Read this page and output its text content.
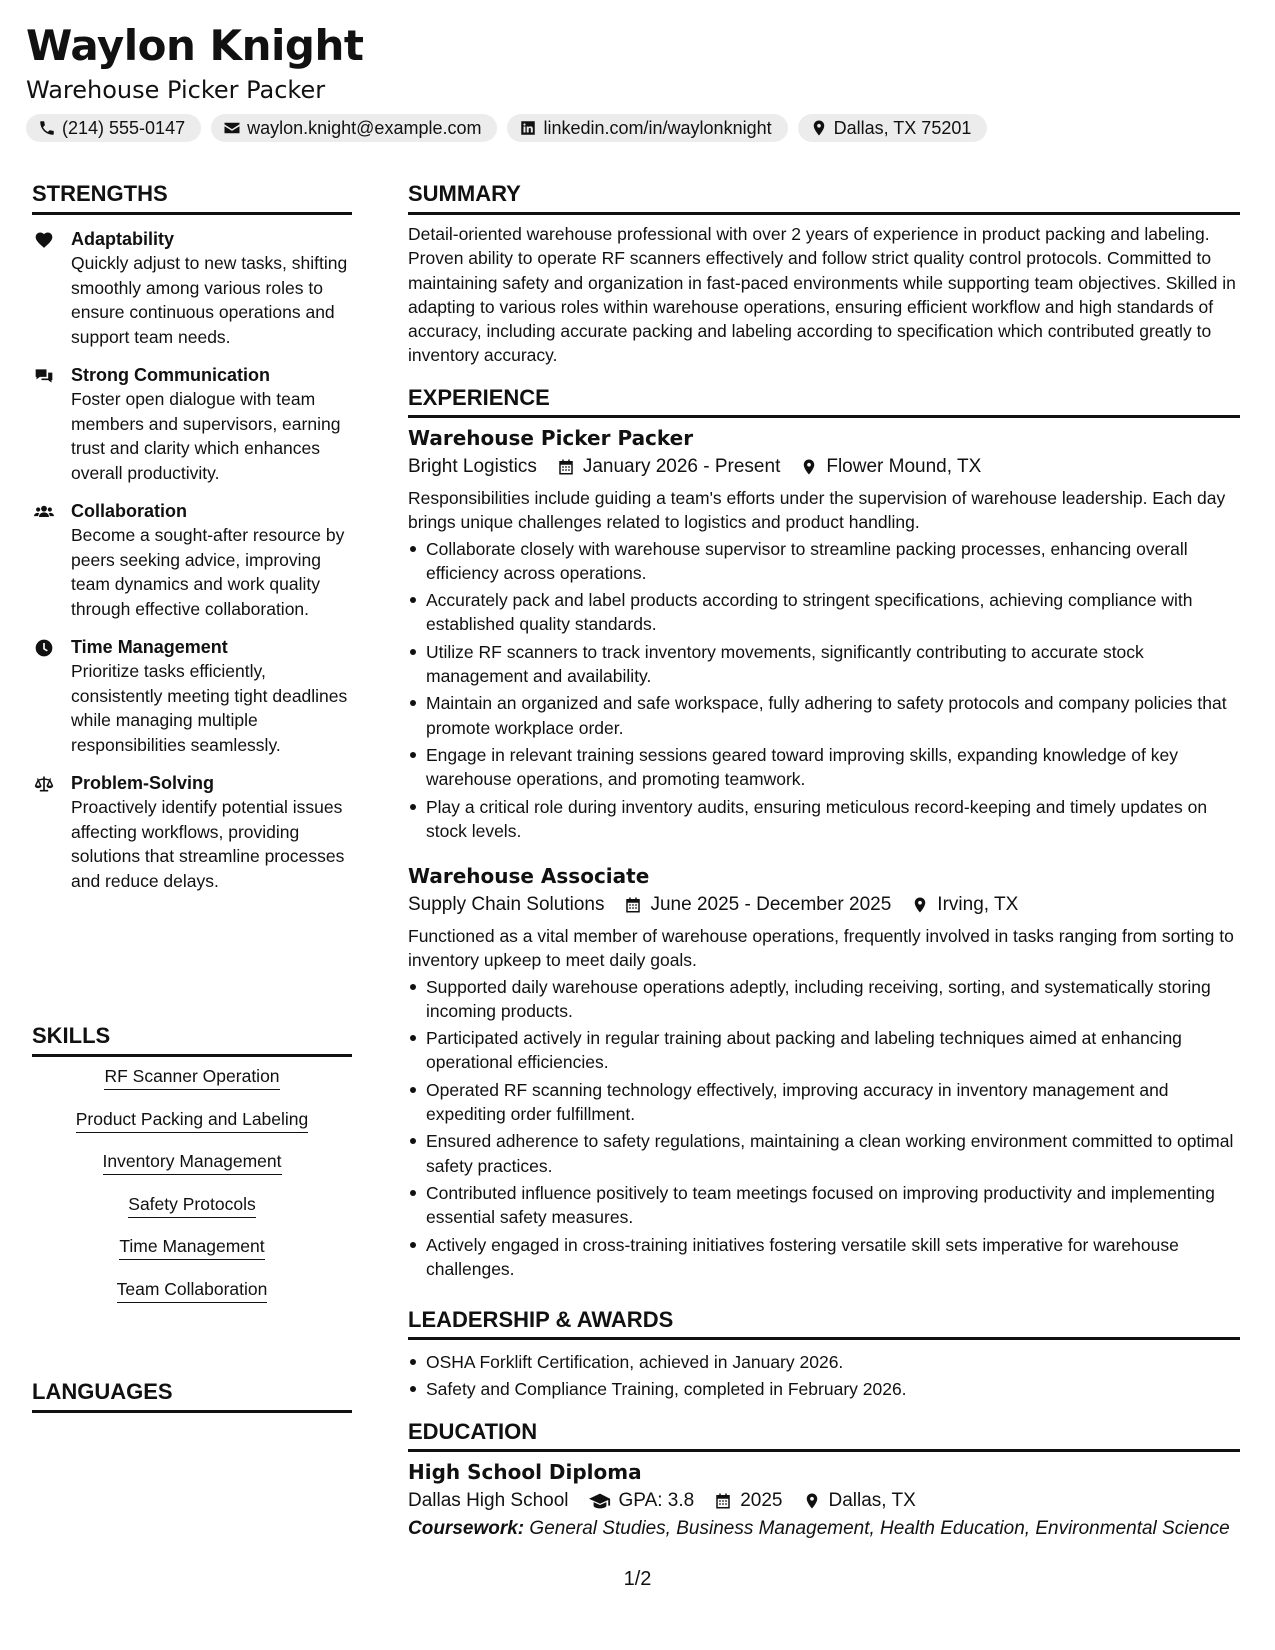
Waylon Knight
Warehouse Picker Packer
(214) 555-0147	waylon.knight@example.com	linkedin.com/in/waylonknight	Dallas, TX 75201
STRENGTHS
Adaptability
Quickly adjust to new tasks, shifting smoothly among various roles to ensure continuous operations and support team needs.
Strong Communication
Foster open dialogue with team members and supervisors, earning trust and clarity which enhances overall productivity.
Collaboration
Become a sought-after resource by peers seeking advice, improving team dynamics and work quality through effective collaboration.
Time Management
Prioritize tasks efficiently, consistently meeting tight deadlines while managing multiple responsibilities seamlessly.
Problem-Solving
Proactively identify potential issues affecting workflows, providing solutions that streamline processes and reduce delays.
SKILLS
RF Scanner Operation
Product Packing and Labeling
Inventory Management
Safety Protocols
Time Management
Team Collaboration
LANGUAGES
SUMMARY

Detail-oriented warehouse professional with over 2 years of experience in product packing and labeling. Proven ability to operate RF scanners effectively and follow strict quality control protocols. Committed to maintaining safety and organization in fast-paced environments while supporting team objectives. Skilled in adapting to various roles within warehouse operations, ensuring efficient workflow and high standards of accuracy, including accurate packing and labeling according to specification which contributed greatly to inventory accuracy.

EXPERIENCE
Warehouse Picker Packer
Bright Logistics January 2026 - Present Flower Mound, TX

Responsibilities include guiding a team's efforts under the supervision of warehouse leadership. Each day brings unique challenges related to logistics and product handling.

Collaborate closely with warehouse supervisor to streamline packing processes, enhancing overall efficiency across operations.
Accurately pack and label products according to stringent specifications, achieving compliance with established quality standards.
Utilize RF scanners to track inventory movements, significantly contributing to accurate stock management and availability.
Maintain an organized and safe workspace, fully adhering to safety protocols and company policies that promote workplace order.
Engage in relevant training sessions geared toward improving skills, expanding knowledge of key warehouse operations, and promoting teamwork.
Play a critical role during inventory audits, ensuring meticulous record-keeping and timely updates on stock levels.
Warehouse Associate
Supply Chain Solutions June 2025 - December 2025 Irving, TX

Functioned as a vital member of warehouse operations, frequently involved in tasks ranging from sorting to inventory upkeep to meet daily goals.

Supported daily warehouse operations adeptly, including receiving, sorting, and systematically storing incoming products.
Participated actively in regular training about packing and labeling techniques aimed at enhancing operational efficiencies.
Operated RF scanning technology effectively, improving accuracy in inventory management and expediting order fulfillment.
Ensured adherence to safety regulations, maintaining a clean working environment committed to optimal safety practices.
Contributed influence positively to team meetings focused on improving productivity and implementing essential safety measures.
Actively engaged in cross-training initiatives fostering versatile skill sets imperative for warehouse challenges.
LEADERSHIP & AWARDS
OSHA Forklift Certification, achieved in January 2026.
Safety and Compliance Training, completed in February 2026.
EDUCATION
High School Diploma
Dallas High School	GPA: 3.8 2025 Dallas, TX
Coursework: General Studies, Business Management, Health Education, Environmental Science
1/2
